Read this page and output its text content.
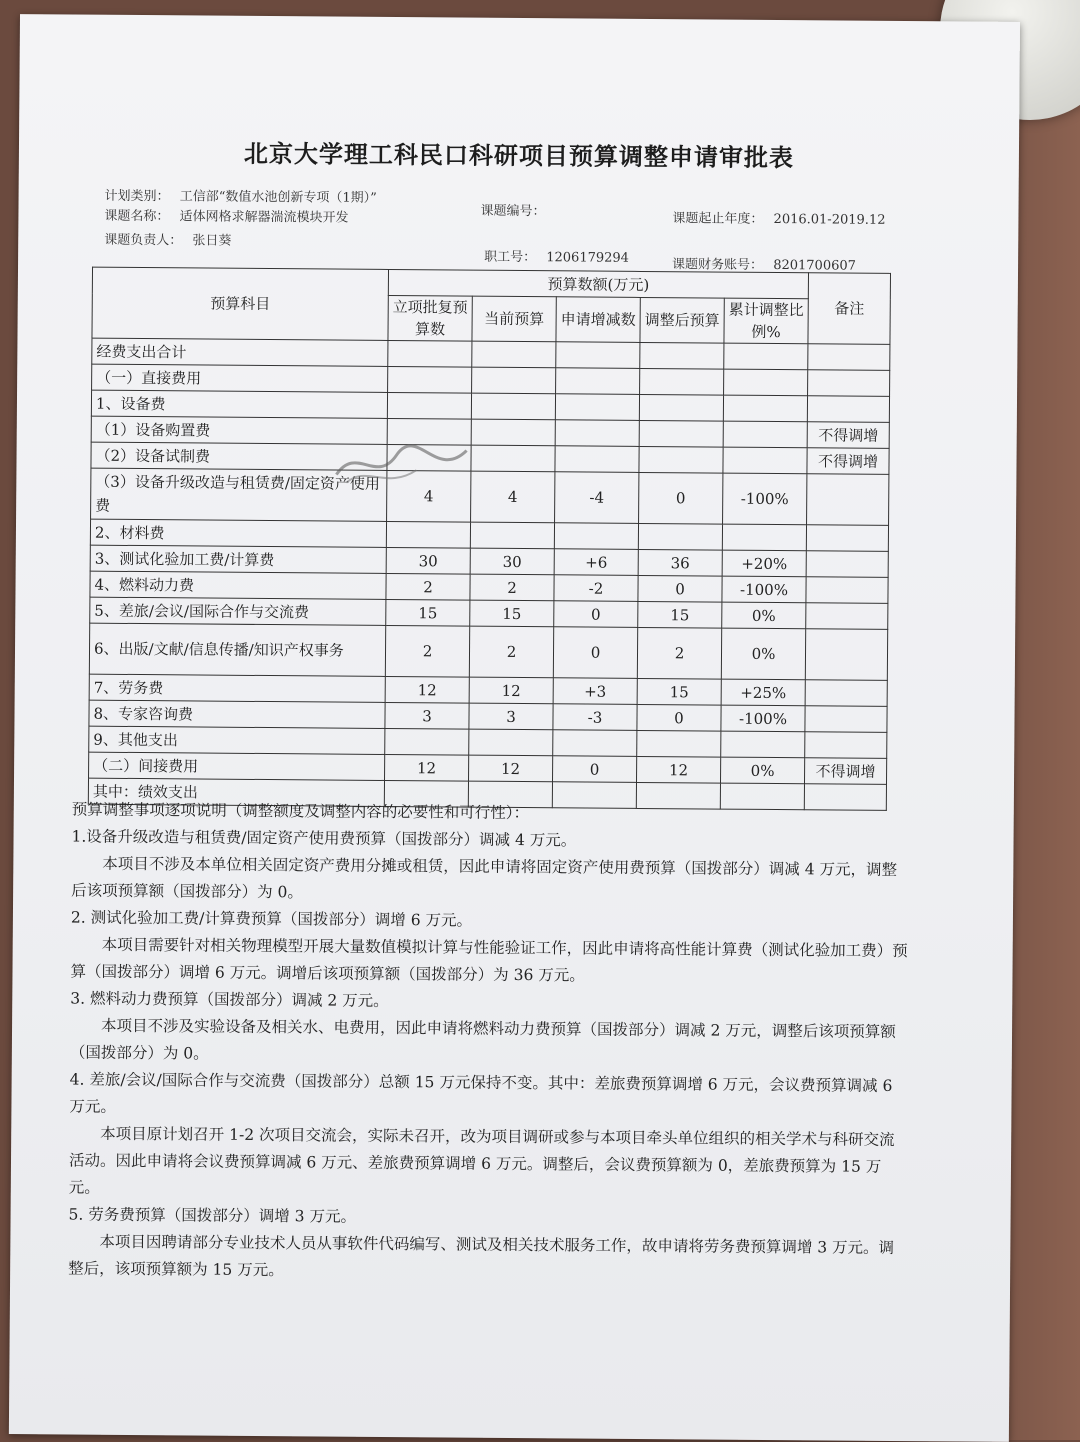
北京大学理工科民口科研项目预算调整申请审批表
计划类别： 工信部“数值水池创新专项（1期）”
课题名称： 适体网格求解器湍流模块开发
课题负责人： 张日葵
课题编号：
职工号： 1206179294
课题起止年度： 2016.01-2019.12
课题财务账号： 8201700607
预算科目	预算数额(万元)					备注
	立项批复预算数	当前预算	申请增减数	调整后预算	累计调整比例%	
经费支出合计						
（一）直接费用						
1、设备费						
（1）设备购置费						不得调增
（2）设备试制费						不得调增
（3）设备升级改造与租赁费/固定资产使用费	4	4	-4	0	-100%	
2、材料费						
3、测试化验加工费/计算费	30	30	+6	36	+20%	
4、燃料动力费	2	2	-2	0	-100%	
5、差旅/会议/国际合作与交流费	15	15	0	15	0%	
6、出版/文献/信息传播/知识产权事务	2	2	0	2	0%	
7、劳务费	12	12	+3	15	+25%	
8、专家咨询费	3	3	-3	0	-100%	
9、其他支出						
（二）间接费用	12	12	0	12	0%	不得调增
其中：绩效支出						

预算调整事项逐项说明（调整额度及调整内容的必要性和可行性）：

1.设备升级改造与租赁费/固定资产使用费预算（国拨部分）调减 4 万元。

本项目不涉及本单位相关固定资产费用分摊或租赁，因此申请将固定资产使用费预算（国拨部分）调减 4 万元，调整后该项预算额（国拨部分）为 0。

2. 测试化验加工费/计算费预算（国拨部分）调增 6 万元。

本项目需要针对相关物理模型开展大量数值模拟计算与性能验证工作，因此申请将高性能计算费（测试化验加工费）预算（国拨部分）调增 6 万元。调增后该项预算额（国拨部分）为 36 万元。

3. 燃料动力费预算（国拨部分）调减 2 万元。

本项目不涉及实验设备及相关水、电费用，因此申请将燃料动力费预算（国拨部分）调减 2 万元，调整后该项预算额（国拨部分）为 0。

4. 差旅/会议/国际合作与交流费（国拨部分）总额 15 万元保持不变。其中：差旅费预算调增 6 万元，会议费预算调减 6 万元。

本项目原计划召开 1-2 次项目交流会，实际未召开，改为项目调研或参与本项目牵头单位组织的相关学术与科研交流活动。因此申请将会议费预算调减 6 万元、差旅费预算调增 6 万元。调整后，会议费预算额为 0，差旅费预算为 15 万元。

5. 劳务费预算（国拨部分）调增 3 万元。

本项目因聘请部分专业技术人员从事软件代码编写、测试及相关技术服务工作，故申请将劳务费预算调增 3 万元。调整后，该项预算额为 15 万元。
